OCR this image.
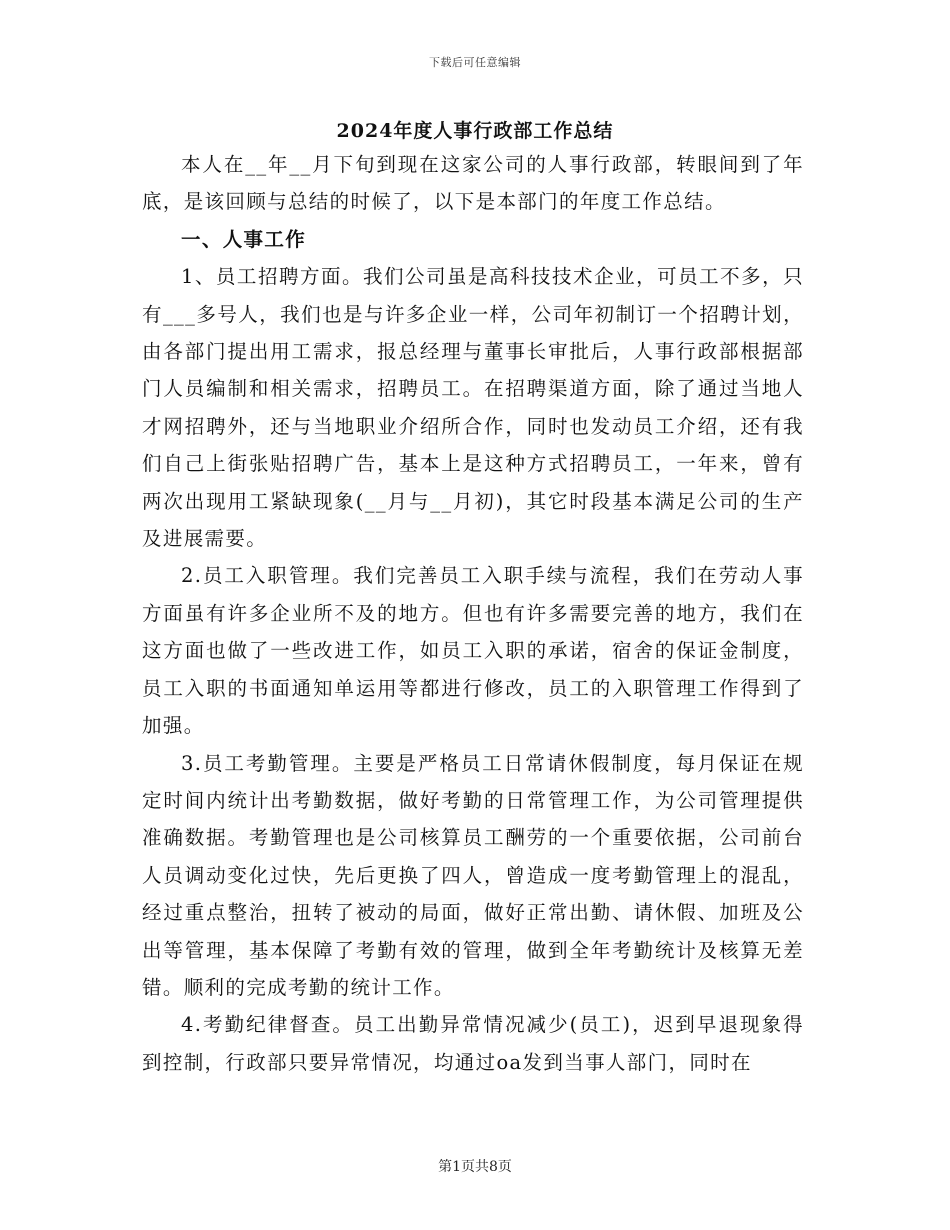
下载后可任意编辑
2024年度人事行政部工作总结

本人在__年__月下旬到现在这家公司的人事行政部，转眼间到了年底，是该回顾与总结的时候了，以下是本部门的年度工作总结。

一、人事工作

1、员工招聘方面。我们公司虽是高科技技术企业，可员工不多，只有___多号人，我们也是与许多企业一样，公司年初制订一个招聘计划，由各部门提出用工需求，报总经理与董事长审批后，人事行政部根据部门人员编制和相关需求，招聘员工。在招聘渠道方面，除了通过当地人才网招聘外，还与当地职业介绍所合作，同时也发动员工介绍，还有我们自己上街张贴招聘广告，基本上是这种方式招聘员工，一年来，曾有两次出现用工紧缺现象(__月与__月初)，其它时段基本满足公司的生产及进展需要。

2.员工入职管理。我们完善员工入职手续与流程，我们在劳动人事方面虽有许多企业所不及的地方。但也有许多需要完善的地方，我们在这方面也做了一些改进工作，如员工入职的承诺，宿舍的保证金制度，员工入职的书面通知单运用等都进行修改，员工的入职管理工作得到了加强。

3.员工考勤管理。主要是严格员工日常请休假制度，每月保证在规定时间内统计出考勤数据，做好考勤的日常管理工作，为公司管理提供准确数据。考勤管理也是公司核算员工酬劳的一个重要依据，公司前台人员调动变化过快，先后更换了四人，曾造成一度考勤管理上的混乱，经过重点整治，扭转了被动的局面，做好正常出勤、请休假、加班及公出等管理，基本保障了考勤有效的管理，做到全年考勤统计及核算无差错。顺利的完成考勤的统计工作。

4.考勤纪律督查。员工出勤异常情况减少(员工)，迟到早退现象得到控制，行政部只要异常情况，均通过oa发到当事人部门，同时在

第1页共8页
